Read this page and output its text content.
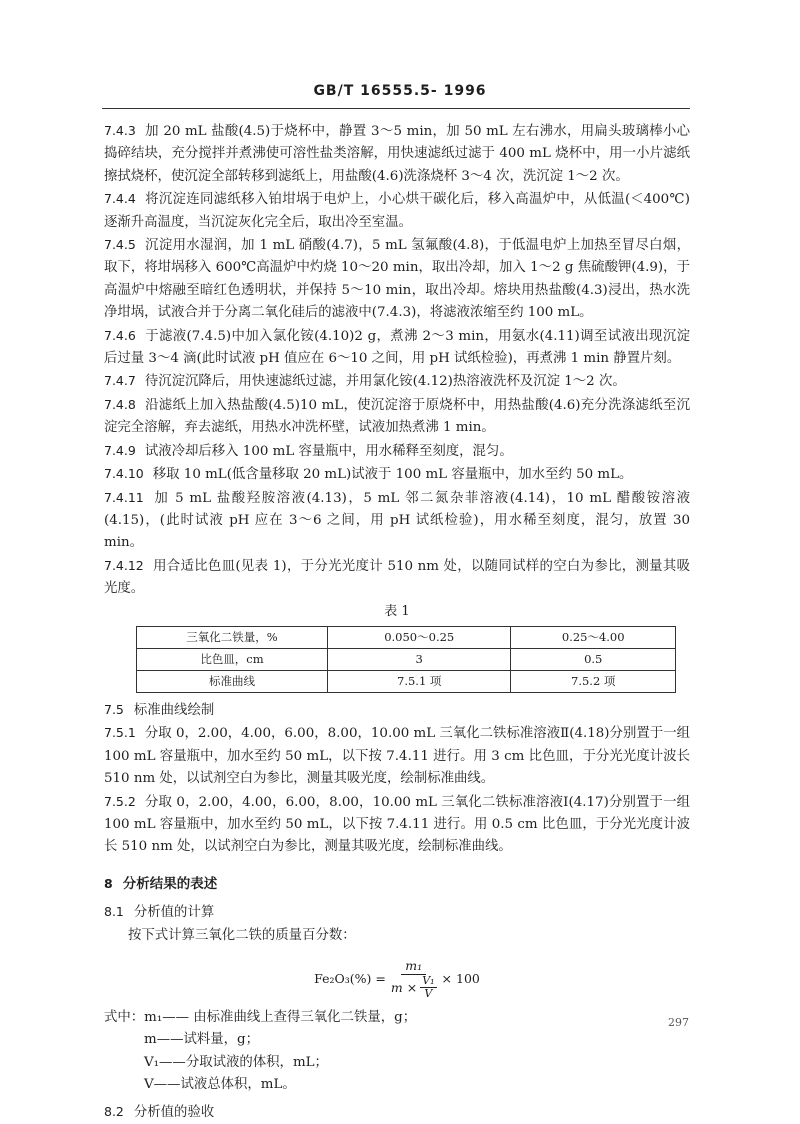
GB/T 16555.5- 1996

7.4.3 加 20 mL 盐酸(4.5)于烧杯中，静置 3～5 min，加 50 mL 左右沸水，用扁头玻璃棒小心捣碎结块，充分搅拌并煮沸使可溶性盐类溶解，用快速滤纸过滤于 400 mL 烧杯中，用一小片滤纸擦拭烧杯，使沉淀全部转移到滤纸上，用盐酸(4.6)洗涤烧杯 3～4 次，洗沉淀 1～2 次。

7.4.4 将沉淀连同滤纸移入铂坩埚于电炉上，小心烘干碳化后，移入高温炉中，从低温(＜400℃)逐渐升高温度，当沉淀灰化完全后，取出冷至室温。

7.4.5 沉淀用水湿润，加 1 mL 硝酸(4.7)，5 mL 氢氟酸(4.8)，于低温电炉上加热至冒尽白烟，取下，将坩埚移入 600℃高温炉中灼烧 10～20 min，取出冷却，加入 1～2 g 焦硫酸钾(4.9)，于高温炉中熔融至暗红色透明状，并保持 5～10 min，取出冷却。熔块用热盐酸(4.3)浸出，热水洗净坩埚，试液合并于分离二氧化硅后的滤液中(7.4.3)，将滤液浓缩至约 100 mL。

7.4.6 于滤液(7.4.5)中加入氯化铵(4.10)2 g，煮沸 2～3 min，用氨水(4.11)调至试液出现沉淀后过量 3～4 滴(此时试液 pH 值应在 6～10 之间，用 pH 试纸检验)，再煮沸 1 min 静置片刻。

7.4.7 待沉淀沉降后，用快速滤纸过滤，并用氯化铵(4.12)热溶液洗杯及沉淀 1～2 次。

7.4.8 沿滤纸上加入热盐酸(4.5)10 mL，使沉淀溶于原烧杯中，用热盐酸(4.6)充分洗涤滤纸至沉淀完全溶解，弃去滤纸，用热水冲洗杯壁，试液加热煮沸 1 min。

7.4.9 试液冷却后移入 100 mL 容量瓶中，用水稀释至刻度，混匀。

7.4.10 移取 10 mL(低含量移取 20 mL)试液于 100 mL 容量瓶中，加水至约 50 mL。

7.4.11 加 5 mL 盐酸羟胺溶液(4.13)，5 mL 邻二氮杂菲溶液(4.14)，10 mL 醋酸铵溶液(4.15)，(此时试液 pH 应在 3～6 之间，用 pH 试纸检验)，用水稀至刻度，混匀，放置 30 min。

7.4.12 用合适比色皿(见表 1)，于分光光度计 510 nm 处，以随同试样的空白为参比，测量其吸光度。

表 1

三氧化二铁量，%	0.050～0.25	0.25～4.00
比色皿，cm	3	0.5
标准曲线	7.5.1 项	7.5.2 项

7.5 标准曲线绘制

7.5.1 分取 0，2.00，4.00，6.00，8.00，10.00 mL 三氧化二铁标准溶液Ⅱ(4.18)分别置于一组 100 mL 容量瓶中，加水至约 50 mL，以下按 7.4.11 进行。用 3 cm 比色皿，于分光光度计波长 510 nm 处，以试剂空白为参比，测量其吸光度，绘制标准曲线。

7.5.2 分取 0，2.00，4.00，6.00，8.00，10.00 mL 三氧化二铁标准溶液Ⅰ(4.17)分别置于一组 100 mL 容量瓶中，加水至约 50 mL，以下按 7.4.11 进行。用 0.5 cm 比色皿，于分光光度计波长 510 nm 处，以试剂空白为参比，测量其吸光度，绘制标准曲线。

8 分析结果的表述

8.1 分析值的计算

按下式计算三氧化二铁的质量百分数：

$Fe_2O_3(\%) = \frac{\text{m₁}}{m \times \frac{\text{V₁}}{V}} \times 100$

式中：m₁—— 由标准曲线上查得三氧化二铁量，g；

m——试料量，g；

V₁——分取试液的体积，mL；

V——试液总体积，mL。

8.2 分析值的验收

297
